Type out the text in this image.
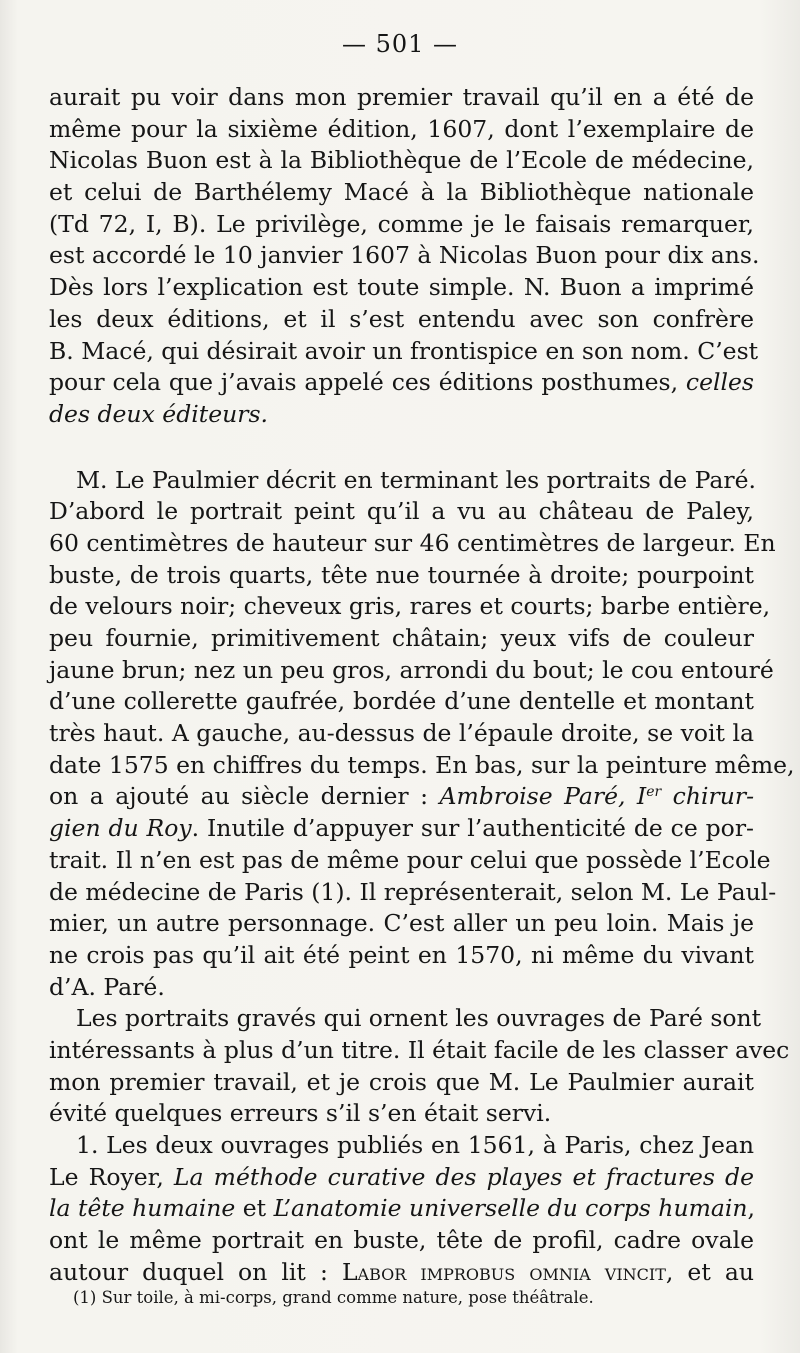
— 501 —
aurait pu voir dans mon premier travail qu’il en a été de
même pour la sixième édition, 1607, dont l’exemplaire de
Nicolas Buon est à la Bibliothèque de l’Ecole de médecine,
et celui de Barthélemy Macé à la Bibliothèque nationale
(Td 72, I, B). Le privilège, comme je le faisais remarquer,
est accordé le 10 janvier 1607 à Nicolas Buon pour dix ans.
Dès lors l’explication est toute simple. N. Buon a imprimé
les deux éditions, et il s’est entendu avec son confrère
B. Macé, qui désirait avoir un frontispice en son nom. C’est
pour cela que j’avais appelé ces éditions posthumes, celles
des deux éditeurs.
M. Le Paulmier décrit en terminant les portraits de Paré.
D’abord le portrait peint qu’il a vu au château de Paley,
60 centimètres de hauteur sur 46 centimètres de largeur. En
buste, de trois quarts, tête nue tournée à droite; pourpoint
de velours noir; cheveux gris, rares et courts; barbe entière,
peu fournie, primitivement châtain; yeux vifs de couleur
jaune brun; nez un peu gros, arrondi du bout; le cou entouré
d’une collerette gaufrée, bordée d’une dentelle et montant
très haut. A gauche, au-dessus de l’épaule droite, se voit la
date 1575 en chiffres du temps. En bas, sur la peinture même,
on a ajouté au siècle dernier : Ambroise Paré, Ier chirur-
gien du Roy. Inutile d’appuyer sur l’authenticité de ce por-
trait. Il n’en est pas de même pour celui que possède l’Ecole
de médecine de Paris (1). Il représenterait, selon M. Le Paul-
mier, un autre personnage. C’est aller un peu loin. Mais je
ne crois pas qu’il ait été peint en 1570, ni même du vivant
d’A. Paré.
Les portraits gravés qui ornent les ouvrages de Paré sont
intéressants à plus d’un titre. Il était facile de les classer avec
mon premier travail, et je crois que M. Le Paulmier aurait
évité quelques erreurs s’il s’en était servi.
1. Les deux ouvrages publiés en 1561, à Paris, chez Jean
Le Royer, La méthode curative des playes et fractures de
la tête humaine et L’anatomie universelle du corps humain,
ont le même portrait en buste, tête de profil, cadre ovale
autour duquel on lit : Labor improbus omnia vincit, et au
(1) Sur toile, à mi-corps, grand comme nature, pose théâtrale.
